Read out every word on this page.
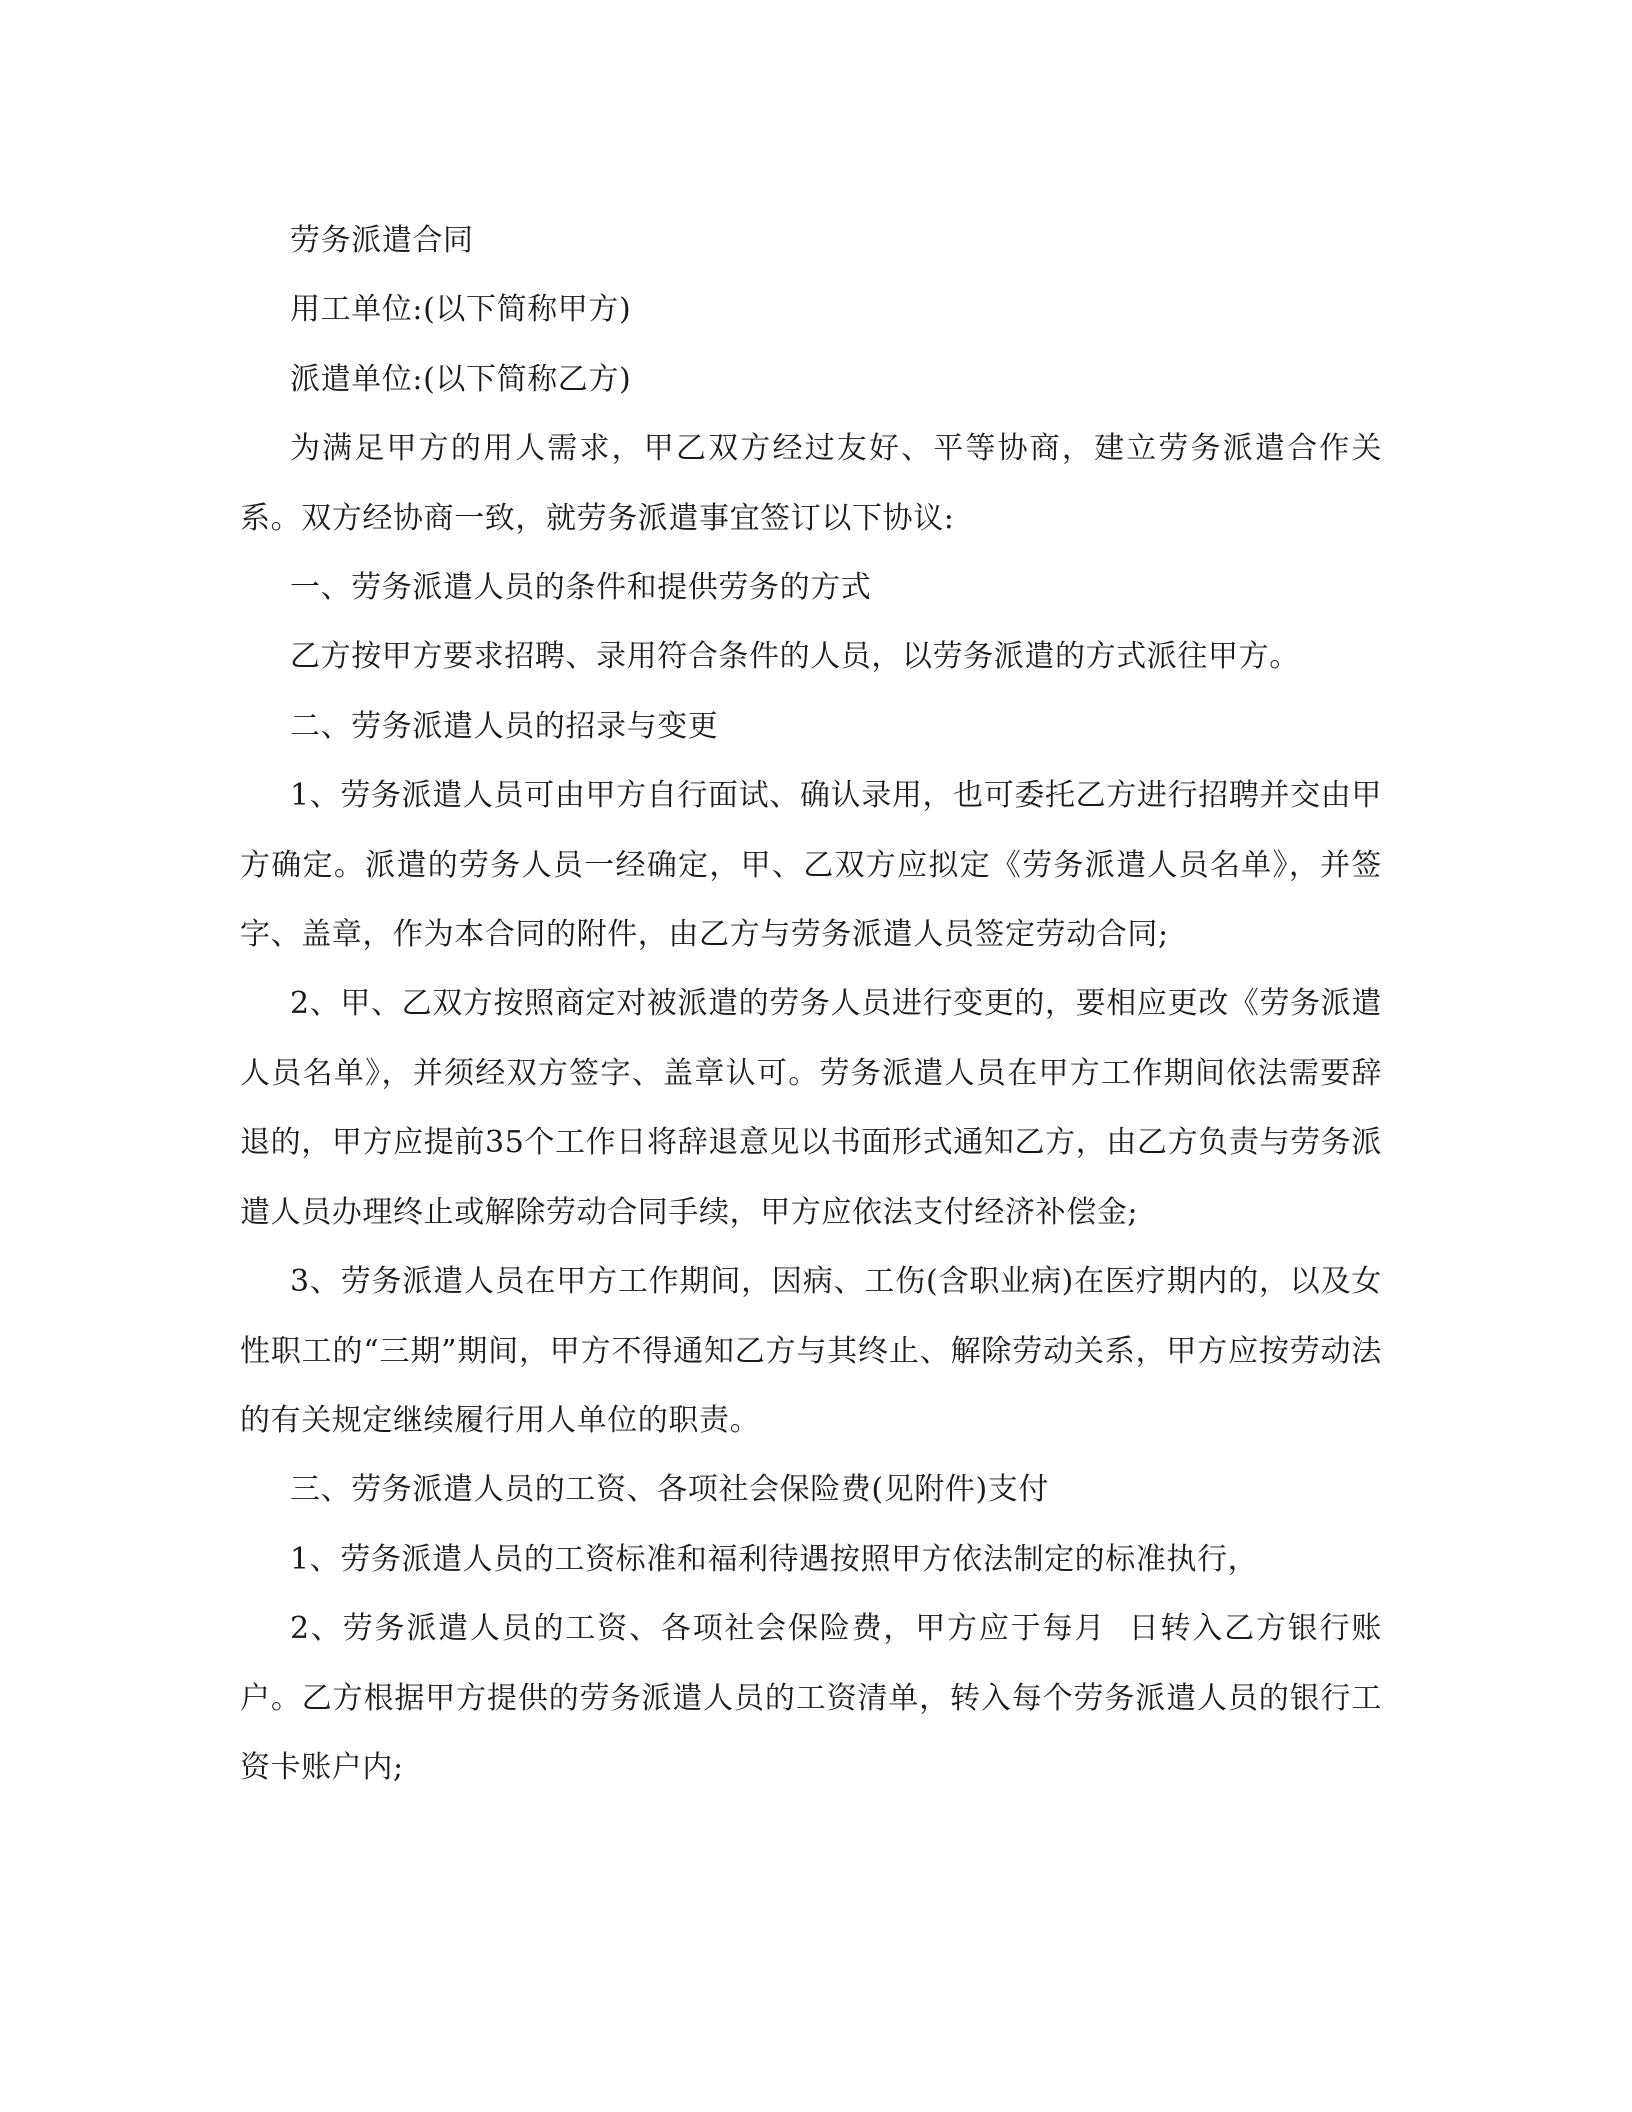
劳务派遣合同

用工单位:(以下简称甲方)

派遣单位:(以下简称乙方)

为满足甲方的用人需求，甲乙双方经过友好、平等协商，建立劳务派遣合作关系。双方经协商一致，就劳务派遣事宜签订以下协议:

一、劳务派遣人员的条件和提供劳务的方式

乙方按甲方要求招聘、录用符合条件的人员，以劳务派遣的方式派往甲方。

二、劳务派遣人员的招录与变更

1、劳务派遣人员可由甲方自行面试、确认录用，也可委托乙方进行招聘并交由甲方确定。派遣的劳务人员一经确定，甲、乙双方应拟定《劳务派遣人员名单》，并签字、盖章，作为本合同的附件，由乙方与劳务派遣人员签定劳动合同;

2、甲、乙双方按照商定对被派遣的劳务人员进行变更的，要相应更改《劳务派遣人员名单》，并须经双方签字、盖章认可。劳务派遣人员在甲方工作期间依法需要辞退的，甲方应提前35个工作日将辞退意见以书面形式通知乙方，由乙方负责与劳务派遣人员办理终止或解除劳动合同手续，甲方应依法支付经济补偿金;

3、劳务派遣人员在甲方工作期间，因病、工伤(含职业病)在医疗期内的，以及女性职工的“三期”期间，甲方不得通知乙方与其终止、解除劳动关系，甲方应按劳动法的有关规定继续履行用人单位的职责。

三、劳务派遣人员的工资、各项社会保险费(见附件)支付

1、劳务派遣人员的工资标准和福利待遇按照甲方依法制定的标准执行，

2、劳务派遣人员的工资、各项社会保险费，甲方应于每月  日转入乙方银行账户。乙方根据甲方提供的劳务派遣人员的工资清单，转入每个劳务派遣人员的银行工资卡账户内;
